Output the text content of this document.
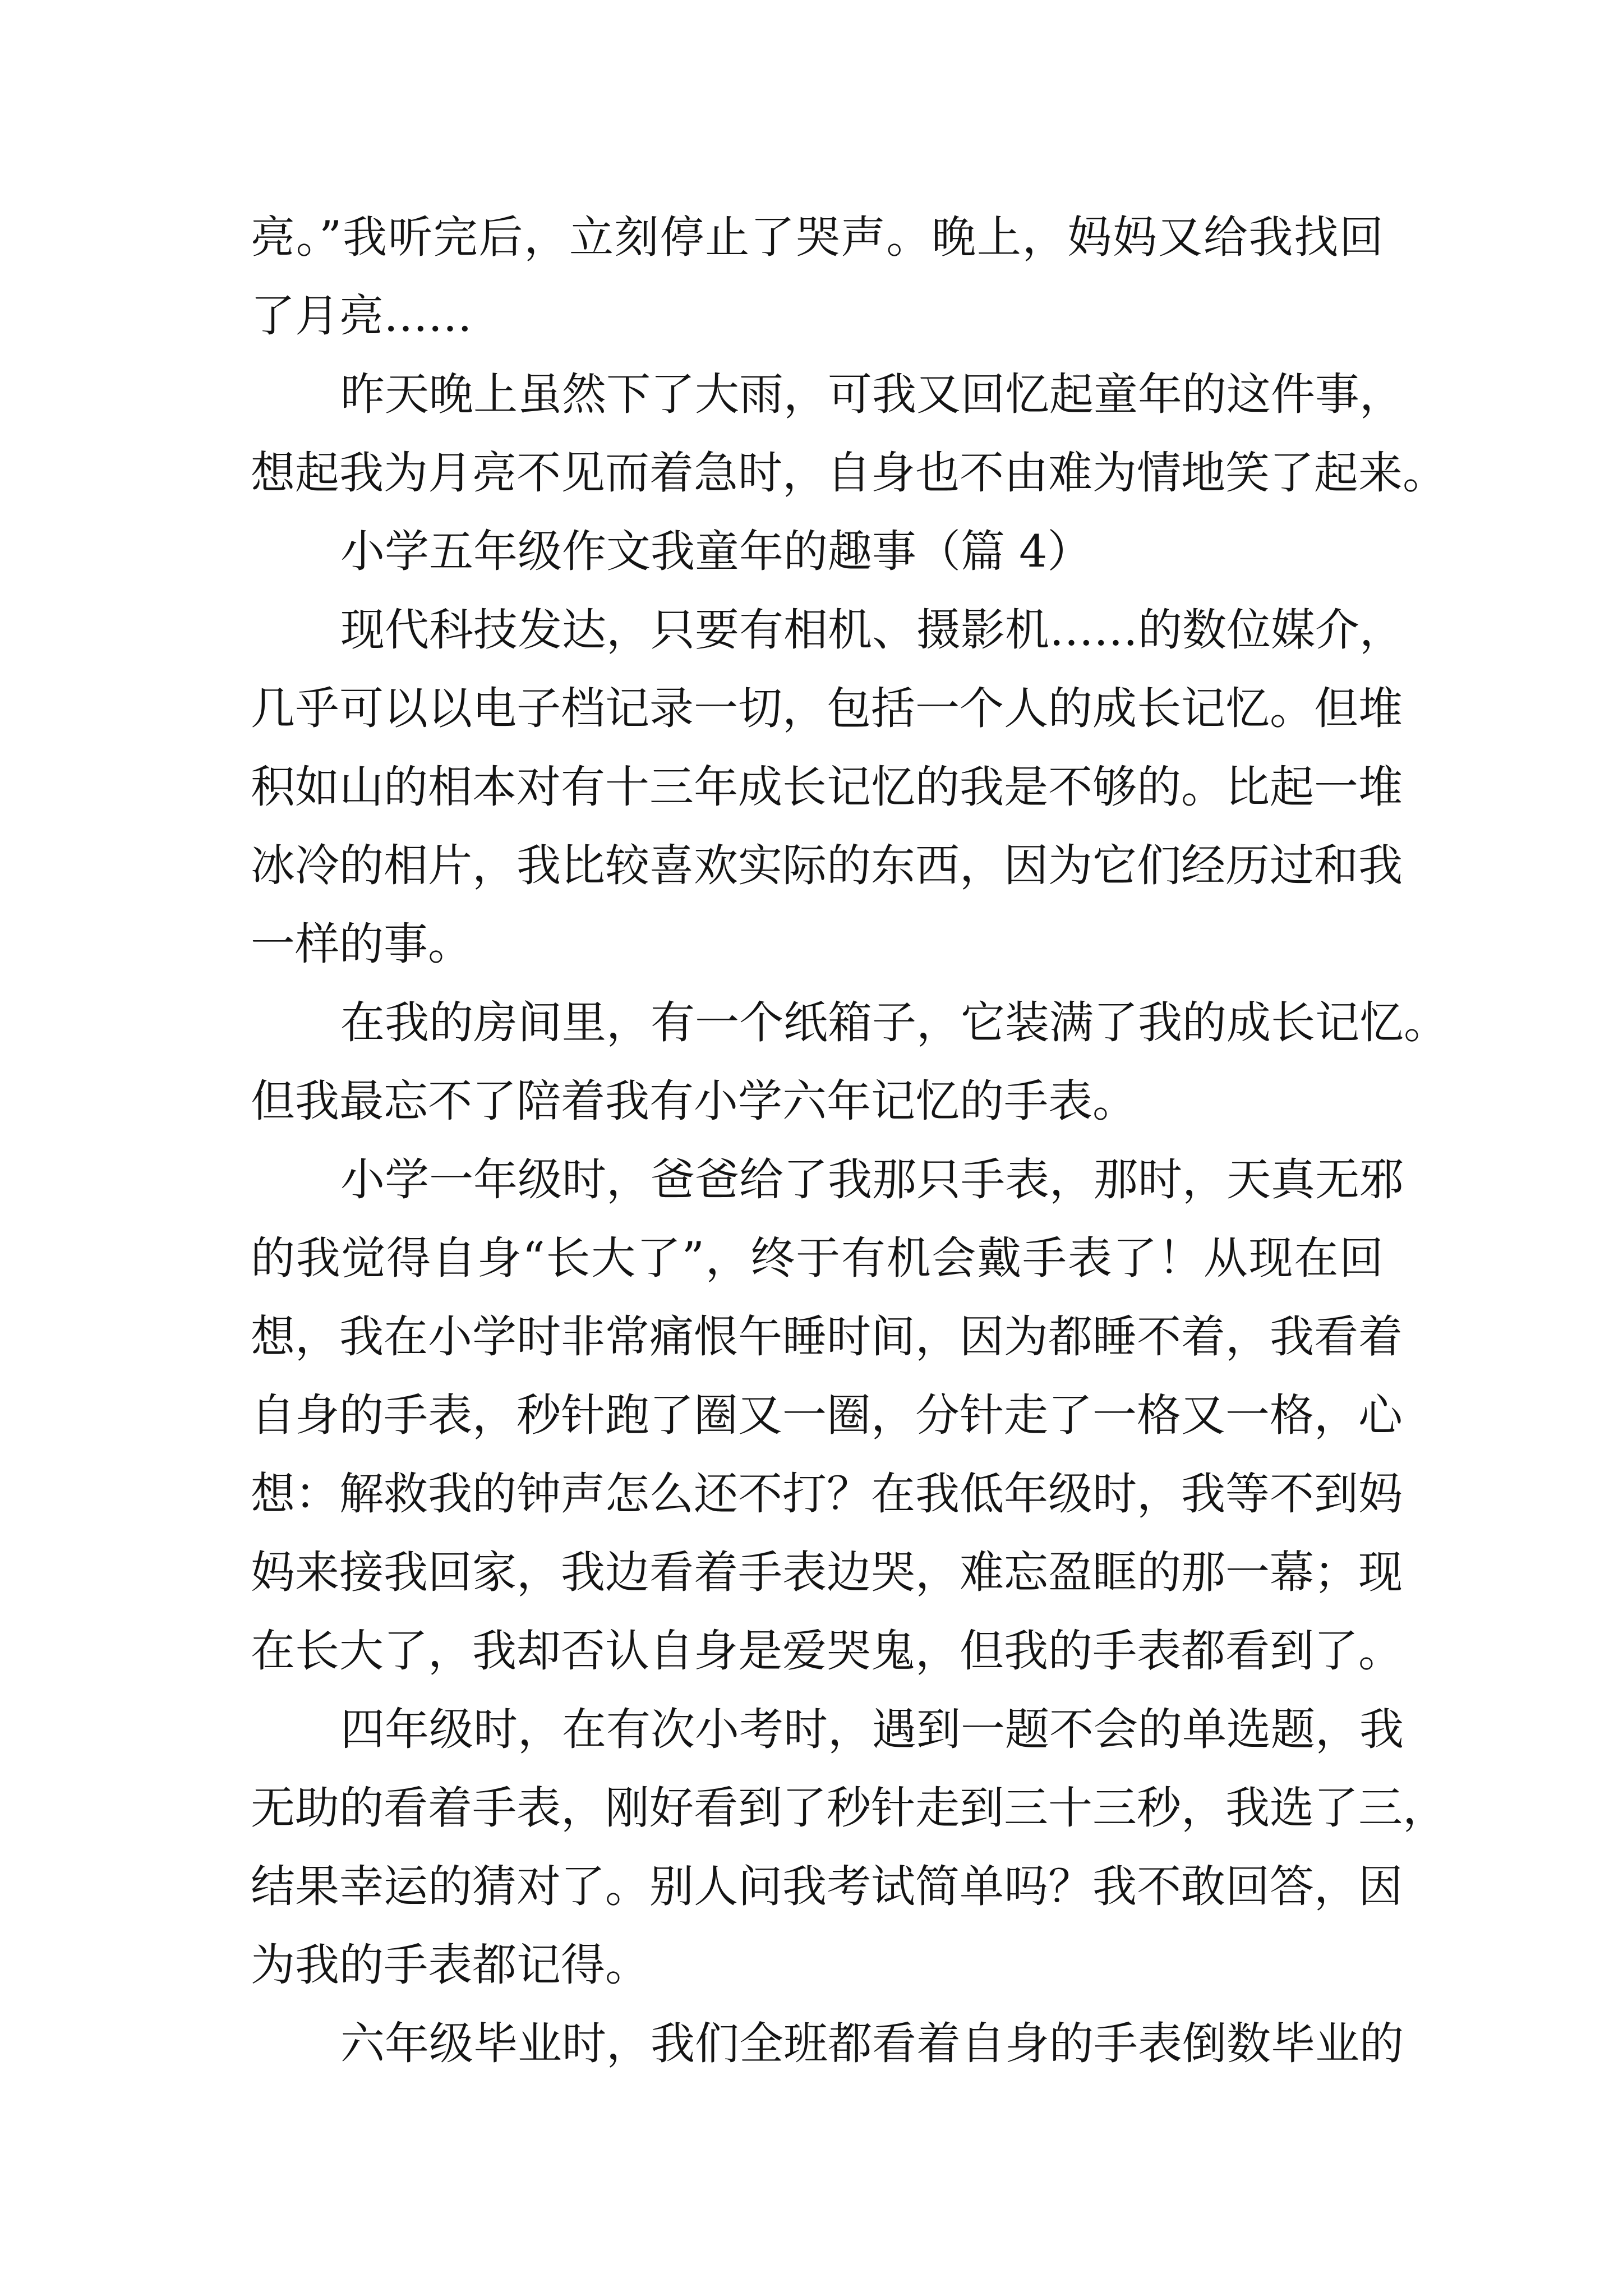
亮。”我听完后，立刻停止了哭声。晚上，妈妈又给我找回
了月亮……
昨天晚上虽然下了大雨，可我又回忆起童年的这件事，
想起我为月亮不见而着急时，自身也不由难为情地笑了起来。
小学五年级作文我童年的趣事（篇 4）
现代科技发达，只要有相机、摄影机……的数位媒介，
几乎可以以电子档记录一切，包括一个人的成长记忆。但堆
积如山的相本对有十三年成长记忆的我是不够的。比起一堆
冰冷的相片，我比较喜欢实际的东西，因为它们经历过和我
一样的事。
在我的房间里，有一个纸箱子，它装满了我的成长记忆。
但我最忘不了陪着我有小学六年记忆的手表。
小学一年级时，爸爸给了我那只手表，那时，天真无邪
的我觉得自身“长大了”，终于有机会戴手表了！从现在回
想，我在小学时非常痛恨午睡时间，因为都睡不着，我看着
自身的手表，秒针跑了圈又一圈，分针走了一格又一格，心
想：解救我的钟声怎么还不打？在我低年级时，我等不到妈
妈来接我回家，我边看着手表边哭，难忘盈眶的那一幕；现
在长大了，我却否认自身是爱哭鬼，但我的手表都看到了。
四年级时，在有次小考时，遇到一题不会的单选题，我
无助的看着手表，刚好看到了秒针走到三十三秒，我选了三，
结果幸运的猜对了。别人问我考试简单吗？我不敢回答，因
为我的手表都记得。
六年级毕业时，我们全班都看着自身的手表倒数毕业的
